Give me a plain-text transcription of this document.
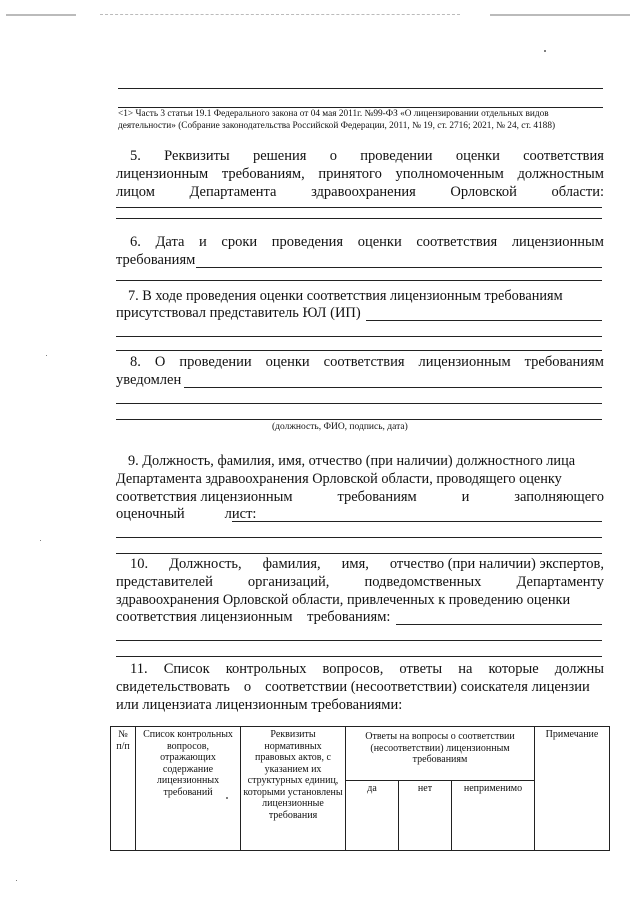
<1> Часть 3 статьи 19.1 Федерального закона от 04 мая 2011г. №99-ФЗ «О лицензировании отдельных видов деятельности» (Собрание законодательства Российской Федерации, 2011, № 19, ст. 2716; 2021, № 24, ст. 4188)
5. Реквизиты решения о проведении оценки соответствия
лицензионным требованиям, принятого уполномоченным должностным
лицом Департамента здравоохранения Орловской области:
6. Дата и сроки проведения оценки соответствия лицензионным
требованиям
7. В ходе проведения оценки соответствия лицензионным требованиям
присутствовал представитель ЮЛ (ИП)
8. О проведении оценки соответствия лицензионным требованиям
уведомлен
(должность, ФИО, подпись, дата)
9. Должность, фамилия, имя, отчество (при наличии) должностного лица
Департамента здравоохранения Орловской области, проводящего оценку
соответствия лицензионным	требованиям	и	заполняющего
оценочный	лист:
10. Должность, фамилия, имя, отчество (при наличии) экспертов,
представителей организаций, подведомственных Департаменту
здравоохранения Орловской области, привлеченных к проведению оценки
соответствия лицензионным    требованиям:
11. Список контрольных вопросов, ответы на которые должны
свидетельствовать о соответствии (несоответствии) соискателя лицензии
или лицензиата лицензионным требованиями:
№ п/п	Список контрольных вопросов, отражающих содержание лицензионных требований	Реквизиты нормативных правовых актов, с указанием их структурных единиц, которыми установлены лицензионные требования	Ответы на вопросы о соответствии (несоответствии) лицензионным требованиям			Примечание
			да	нет	неприменимо	
